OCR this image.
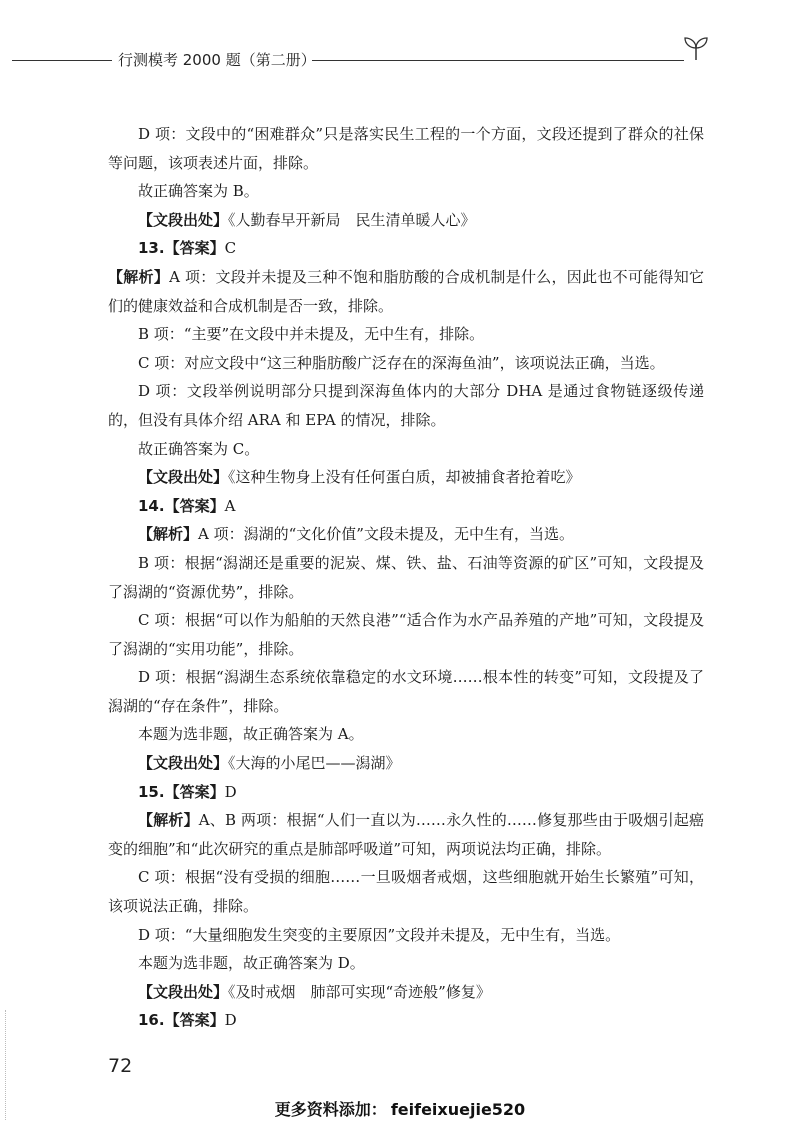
行测模考 2000 题（第二册）

D 项：文段中的“困难群众”只是落实民生工程的一个方面，文段还提到了群众的社保等问题，该项表述片面，排除。

故正确答案为 B。

【文段出处】《人勤春早开新局　民生清单暖人心》

13.【答案】C

【解析】A 项：文段并未提及三种不饱和脂肪酸的合成机制是什么，因此也不可能得知它们的健康效益和合成机制是否一致，排除。

B 项：“主要”在文段中并未提及，无中生有，排除。

C 项：对应文段中“这三种脂肪酸广泛存在的深海鱼油”，该项说法正确，当选。

D 项：文段举例说明部分只提到深海鱼体内的大部分 DHA 是通过食物链逐级传递的，但没有具体介绍 ARA 和 EPA 的情况，排除。

故正确答案为 C。

【文段出处】《这种生物身上没有任何蛋白质，却被捕食者抢着吃》

14.【答案】A

【解析】A 项：潟湖的“文化价值”文段未提及，无中生有，当选。

B 项：根据“潟湖还是重要的泥炭、煤、铁、盐、石油等资源的矿区”可知，文段提及了潟湖的“资源优势”，排除。

C 项：根据“可以作为船舶的天然良港”“适合作为水产品养殖的产地”可知，文段提及了潟湖的“实用功能”，排除。

D 项：根据“潟湖生态系统依靠稳定的水文环境……根本性的转变”可知，文段提及了潟湖的“存在条件”，排除。

本题为选非题，故正确答案为 A。

【文段出处】《大海的小尾巴——潟湖》

15.【答案】D

【解析】A、B 两项：根据“人们一直以为……永久性的……修复那些由于吸烟引起癌变的细胞”和“此次研究的重点是肺部呼吸道”可知，两项说法均正确，排除。

C 项：根据“没有受损的细胞……一旦吸烟者戒烟，这些细胞就开始生长繁殖”可知，该项说法正确，排除。

D 项：“大量细胞发生突变的主要原因”文段并未提及，无中生有，当选。

本题为选非题，故正确答案为 D。

【文段出处】《及时戒烟　肺部可实现“奇迹般”修复》

16.【答案】D

72
更多资料添加： feifeixuejie520
